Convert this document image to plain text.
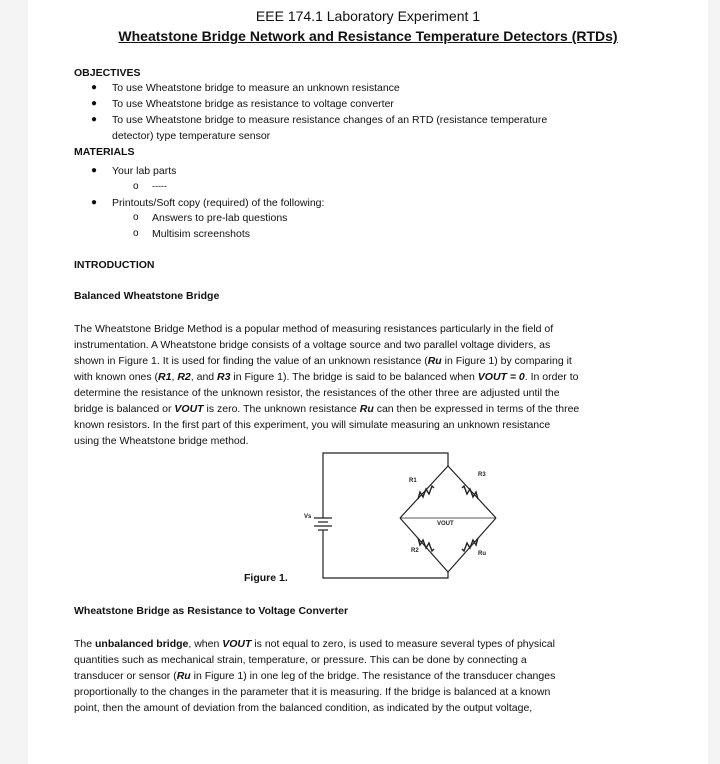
EEE 174.1 Laboratory Experiment 1
Wheatstone Bridge Network and Resistance Temperature Detectors (RTDs)
OBJECTIVES
● To use Wheatstone bridge to measure an unknown resistance
● To use Wheatstone bridge as resistance to voltage converter
● To use Wheatstone bridge to measure resistance changes of an RTD (resistance temperature
detector) type temperature sensor
MATERIALS
● Your lab parts
o -----
● Printouts/Soft copy (required) of the following:
o Answers to pre-lab questions
o Multisim screenshots
INTRODUCTION
Balanced Wheatstone Bridge

The Wheatstone Bridge Method is a popular method of measuring resistances particularly in the field of
instrumentation. A Wheatstone bridge consists of a voltage source and two parallel voltage dividers, as
shown in Figure 1. It is used for finding the value of an unknown resistance (Ru in Figure 1) by comparing it
with known ones (R1, R2, and R3 in Figure 1). The bridge is said to be balanced when VOUT = 0. In order to
determine the resistance of the unknown resistor, the resistances of the other three are adjusted until the
bridge is balanced or VOUT is zero. The unknown resistance Ru can then be expressed in terms of the three
known resistors. In the first part of this experiment, you will simulate measuring an unknown resistance
using the Wheatstone bridge method.

R1
R3
R2	Ru
Vs
VOUT
Figure 1.
Wheatstone Bridge as Resistance to Voltage Converter

The unbalanced bridge, when VOUT is not equal to zero, is used to measure several types of physical
quantities such as mechanical strain, temperature, or pressure. This can be done by connecting a
transducer or sensor (Ru in Figure 1) in one leg of the bridge. The resistance of the transducer changes
proportionally to the changes in the parameter that it is measuring. If the bridge is balanced at a known
point, then the amount of deviation from the balanced condition, as indicated by the output voltage,
